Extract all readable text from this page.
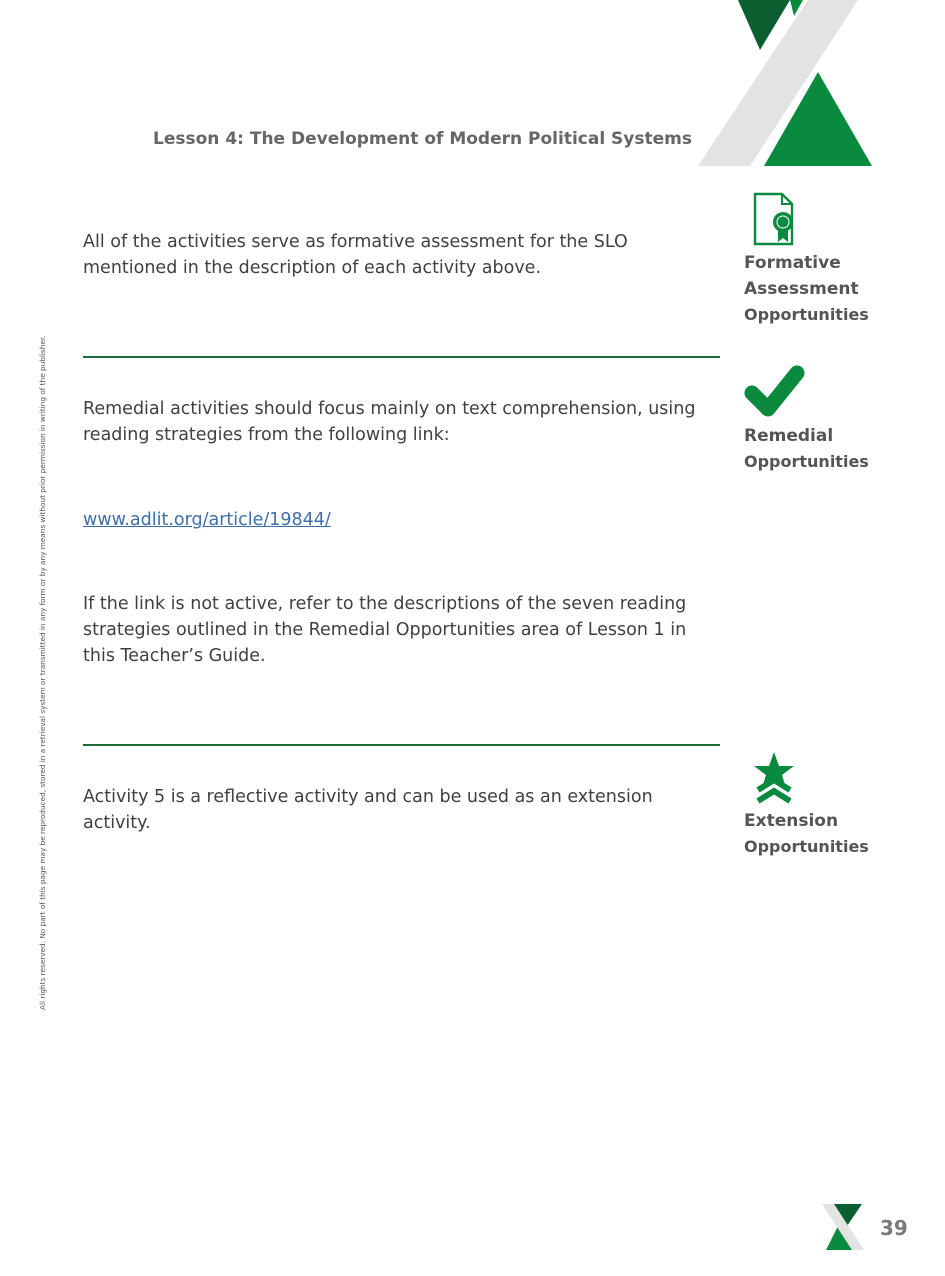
Lesson 4: The Development of Modern Political Systems
All rights reserved. No part of this page may be reproduced, stored in a retrieval system or transmitted in any form or by any means without prior permission in writing of the publisher.

All of the activities serve as formative assessment for the SLO mentioned in the description of each activity above.	Formative
Assessment
Opportunities

Remedial activities should focus mainly on text comprehension, using reading strategies from the following link:	Remedial
Opportunities

www.adlit.org/article/19844/

If the link is not active, refer to the descriptions of the seven reading strategies outlined in the Remedial Opportunities area of Lesson 1 in this Teacher’s Guide.

Activity 5 is a reflective activity and can be used as an extension activity.	Extension
Opportunities
39
